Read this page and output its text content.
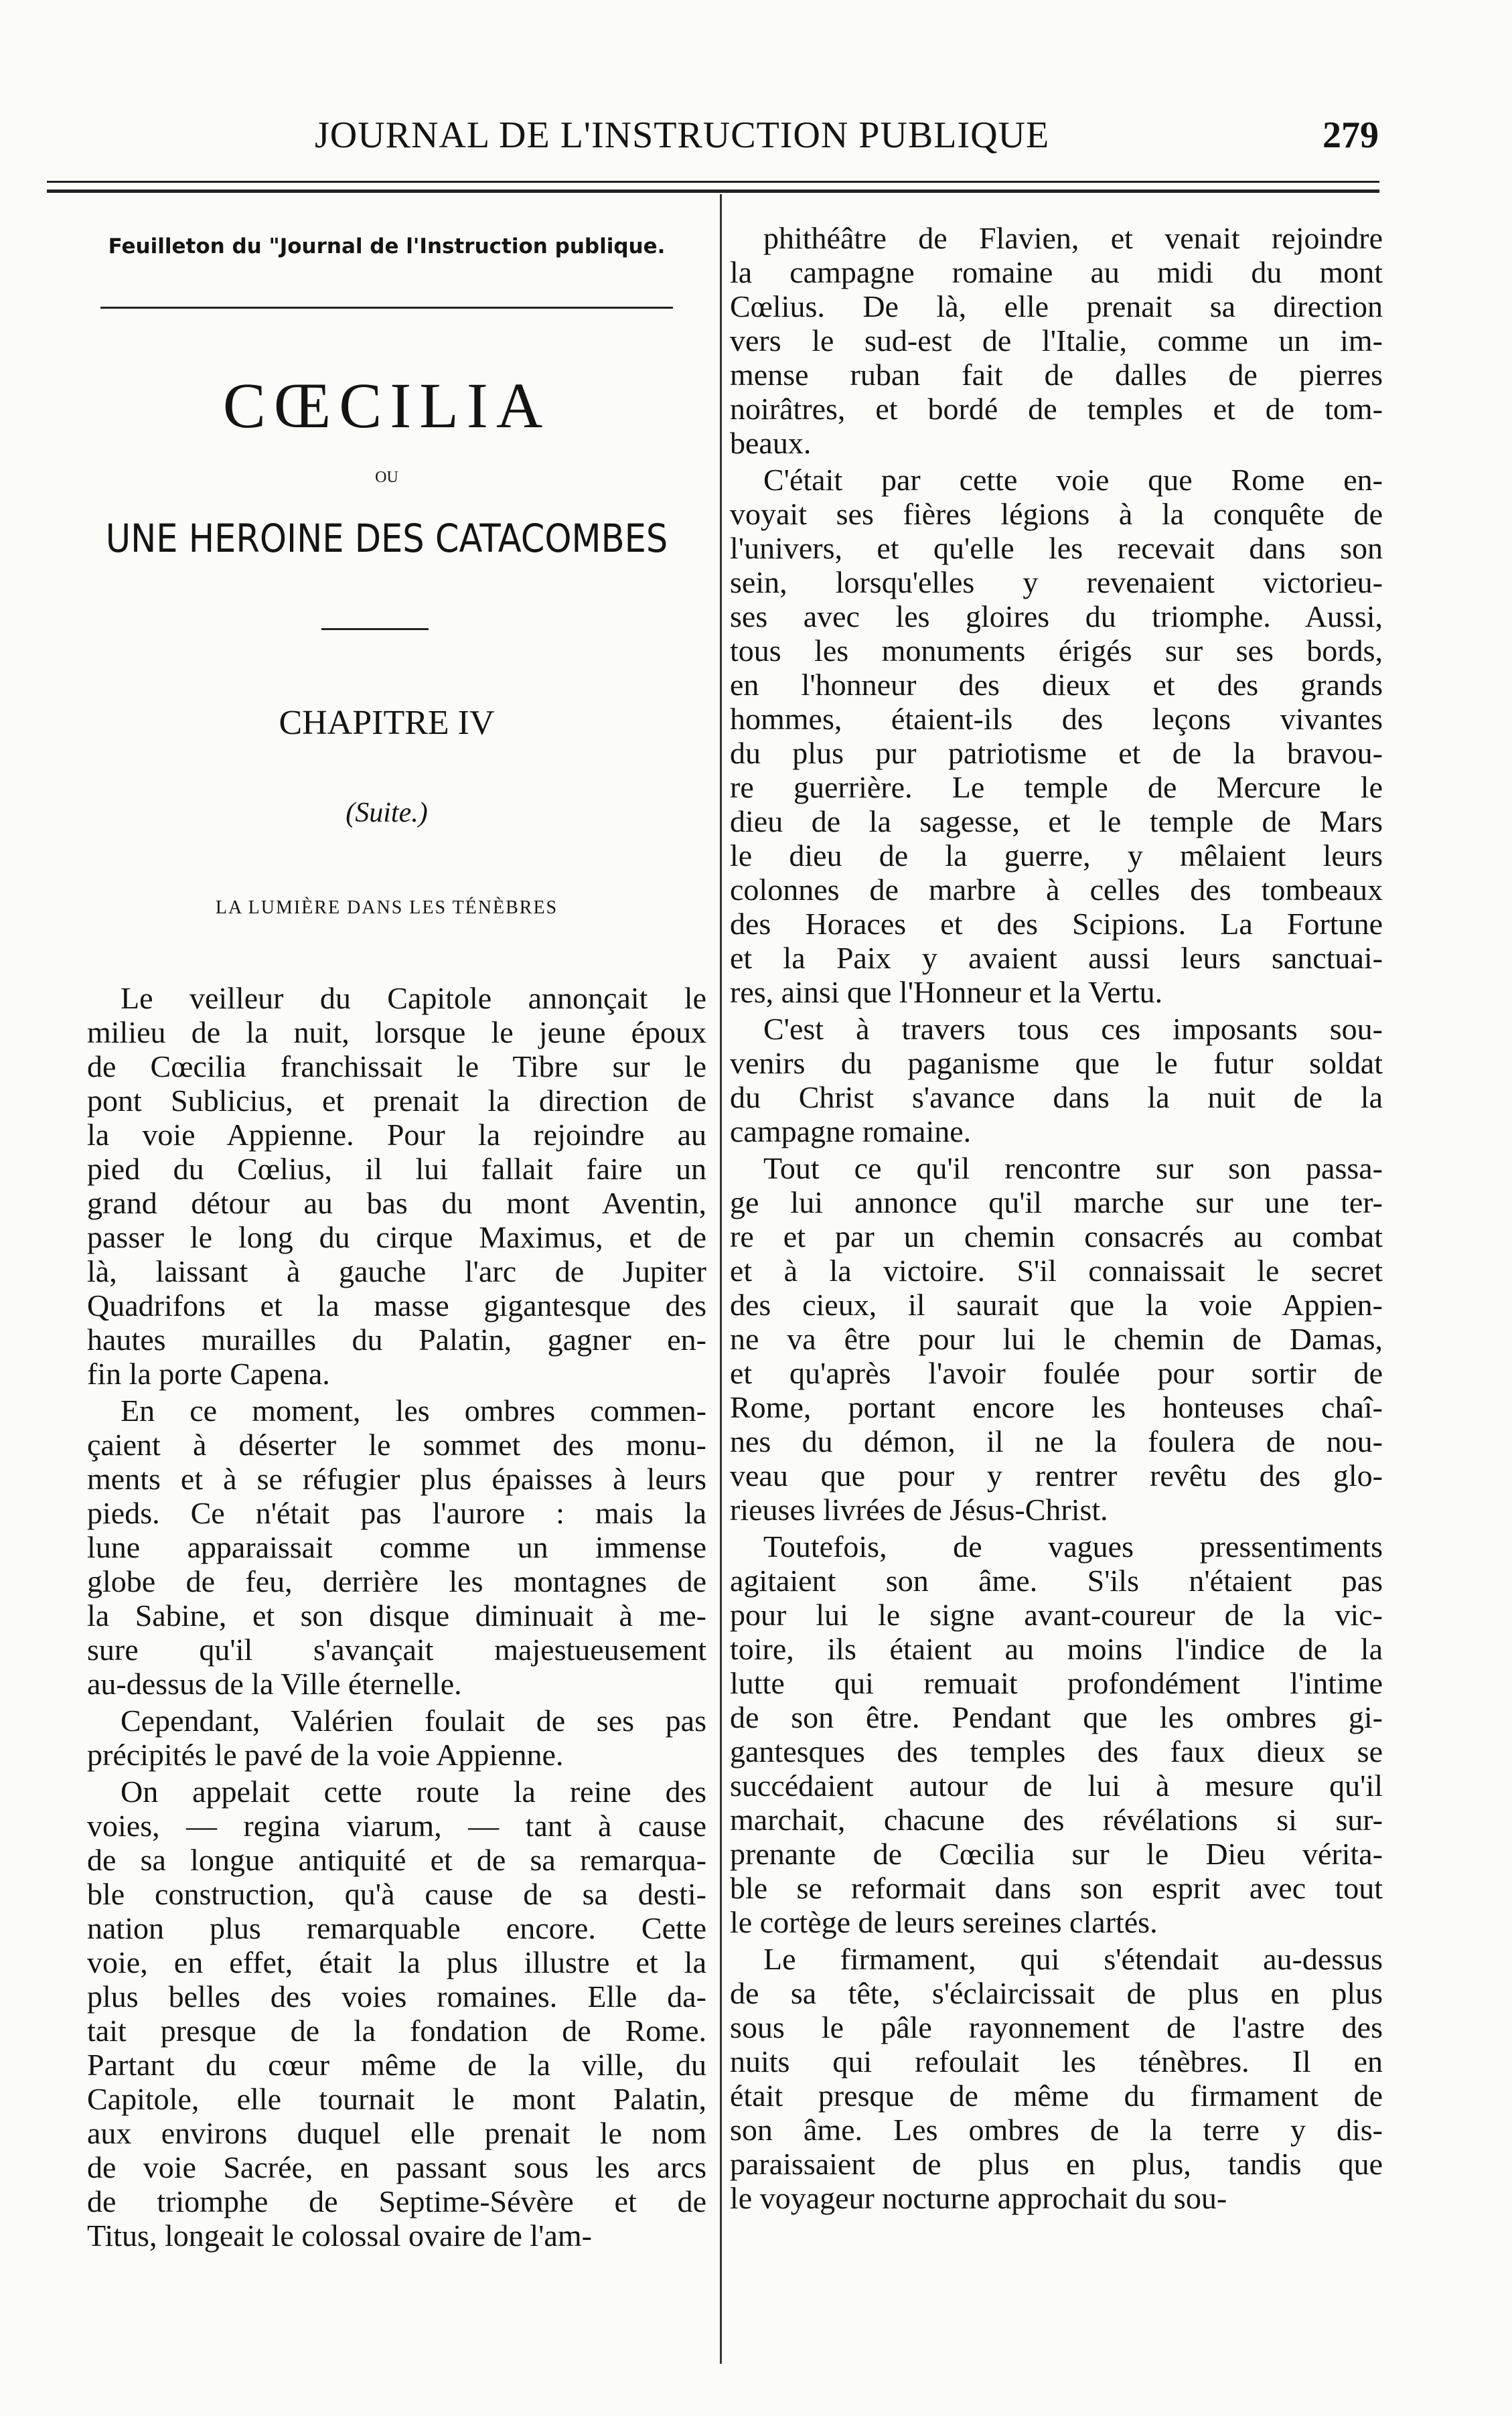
JOURNAL DE L'INSTRUCTION PUBLIQUE	279
Feuilleton du "Journal de l'Instruction publique.
CŒCILIA
OU
UNE HEROINE DES CATACOMBES
CHAPITRE IV
(Suite.)
LA LUMIÈRE DANS LES TÉNÈBRES
Le veilleur du Capitole annonçait le
milieu de la nuit, lorsque le jeune époux
de Cœcilia franchissait le Tibre sur le
pont Sublicius, et prenait la direction de
la voie Appienne. Pour la rejoindre au
pied du Cœlius, il lui fallait faire un
grand détour au bas du mont Aventin,
passer le long du cirque Maximus, et de
là, laissant à gauche l'arc de Jupiter
Quadrifons et la masse gigantesque des
hautes murailles du Palatin, gagner en-
fin la porte Capena.
En ce moment, les ombres commen-
çaient à déserter le sommet des monu-
ments et à se réfugier plus épaisses à leurs
pieds. Ce n'était pas l'aurore : mais la
lune apparaissait comme un immense
globe de feu, derrière les montagnes de
la Sabine, et son disque diminuait à me-
sure qu'il s'avançait majestueusement
au-dessus de la Ville éternelle.
Cependant, Valérien foulait de ses pas
précipités le pavé de la voie Appienne.
On appelait cette route la reine des
voies, — regina viarum, — tant à cause
de sa longue antiquité et de sa remarqua-
ble construction, qu'à cause de sa desti-
nation plus remarquable encore. Cette
voie, en effet, était la plus illustre et la
plus belles des voies romaines. Elle da-
tait presque de la fondation de Rome.
Partant du cœur même de la ville, du
Capitole, elle tournait le mont Palatin,
aux environs duquel elle prenait le nom
de voie Sacrée, en passant sous les arcs
de triomphe de Septime-Sévère et de
Titus, longeait le colossal ovaire de l'am-
phithéâtre de Flavien, et venait rejoindre
la campagne romaine au midi du mont
Cœlius. De là, elle prenait sa direction
vers le sud-est de l'Italie, comme un im-
mense ruban fait de dalles de pierres
noirâtres, et bordé de temples et de tom-
beaux.
C'était par cette voie que Rome en-
voyait ses fières légions à la conquête de
l'univers, et qu'elle les recevait dans son
sein, lorsqu'elles y revenaient victorieu-
ses avec les gloires du triomphe. Aussi,
tous les monuments érigés sur ses bords,
en l'honneur des dieux et des grands
hommes, étaient-ils des leçons vivantes
du plus pur patriotisme et de la bravou-
re guerrière. Le temple de Mercure le
dieu de la sagesse, et le temple de Mars
le dieu de la guerre, y mêlaient leurs
colonnes de marbre à celles des tombeaux
des Horaces et des Scipions. La Fortune
et la Paix y avaient aussi leurs sanctuai-
res, ainsi que l'Honneur et la Vertu.
C'est à travers tous ces imposants sou-
venirs du paganisme que le futur soldat
du Christ s'avance dans la nuit de la
campagne romaine.
Tout ce qu'il rencontre sur son passa-
ge lui annonce qu'il marche sur une ter-
re et par un chemin consacrés au combat
et à la victoire. S'il connaissait le secret
des cieux, il saurait que la voie Appien-
ne va être pour lui le chemin de Damas,
et qu'après l'avoir foulée pour sortir de
Rome, portant encore les honteuses chaî-
nes du démon, il ne la foulera de nou-
veau que pour y rentrer revêtu des glo-
rieuses livrées de Jésus-Christ.
Toutefois, de vagues pressentiments
agitaient son âme. S'ils n'étaient pas
pour lui le signe avant-coureur de la vic-
toire, ils étaient au moins l'indice de la
lutte qui remuait profondément l'intime
de son être. Pendant que les ombres gi-
gantesques des temples des faux dieux se
succédaient autour de lui à mesure qu'il
marchait, chacune des révélations si sur-
prenante de Cœcilia sur le Dieu vérita-
ble se reformait dans son esprit avec tout
le cortège de leurs sereines clartés.
Le firmament, qui s'étendait au-dessus
de sa tête, s'éclaircissait de plus en plus
sous le pâle rayonnement de l'astre des
nuits qui refoulait les ténèbres. Il en
était presque de même du firmament de
son âme. Les ombres de la terre y dis-
paraissaient de plus en plus, tandis que
le voyageur nocturne approchait du sou-
